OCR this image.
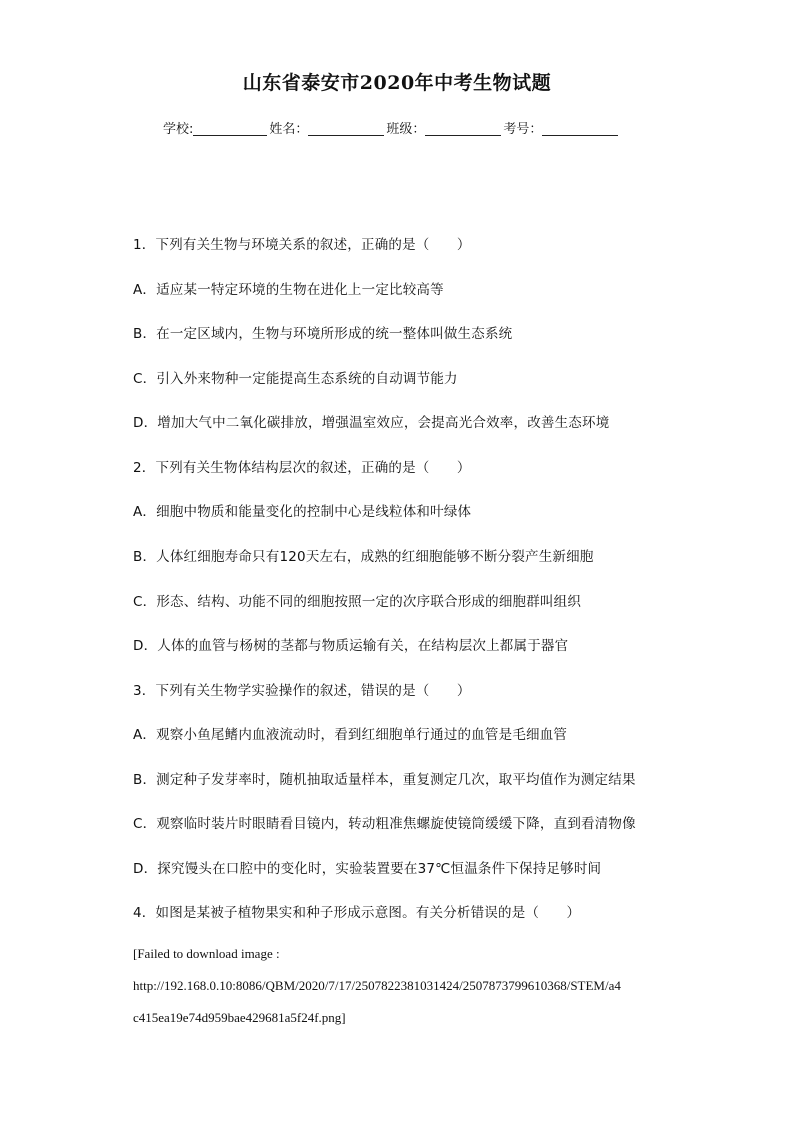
山东省泰安市2020年中考生物试题
学校:	姓名：	班级：	考号：
1．下列有关生物与环境关系的叙述，正确的是（　　）
A．适应某一特定环境的生物在进化上一定比较高等
B．在一定区域内，生物与环境所形成的统一整体叫做生态系统
C．引入外来物种一定能提高生态系统的自动调节能力
D．增加大气中二氧化碳排放，增强温室效应，会提高光合效率，改善生态环境
2．下列有关生物体结构层次的叙述，正确的是（　　）
A．细胞中物质和能量变化的控制中心是线粒体和叶绿体
B．人体红细胞寿命只有120天左右，成熟的红细胞能够不断分裂产生新细胞
C．形态、结构、功能不同的细胞按照一定的次序联合形成的细胞群叫组织
D．人体的血管与杨树的茎都与物质运输有关，在结构层次上都属于器官
3．下列有关生物学实验操作的叙述，错误的是（　　）
A．观察小鱼尾鳍内血液流动时，看到红细胞单行通过的血管是毛细血管
B．测定种子发芽率时，随机抽取适量样本，重复测定几次，取平均值作为测定结果
C．观察临时装片时眼睛看目镜内，转动粗准焦螺旋使镜筒缓缓下降，直到看清物像
D．探究馒头在口腔中的变化时，实验装置要在37℃恒温条件下保持足够时间
4．如图是某被子植物果实和种子形成示意图。有关分析错误的是（　　）
[Failed to download image :
http://192.168.0.10:8086/QBM/2020/7/17/2507822381031424/2507873799610368/STEM/a4
c415ea19e74d959bae429681a5f24f.png]
